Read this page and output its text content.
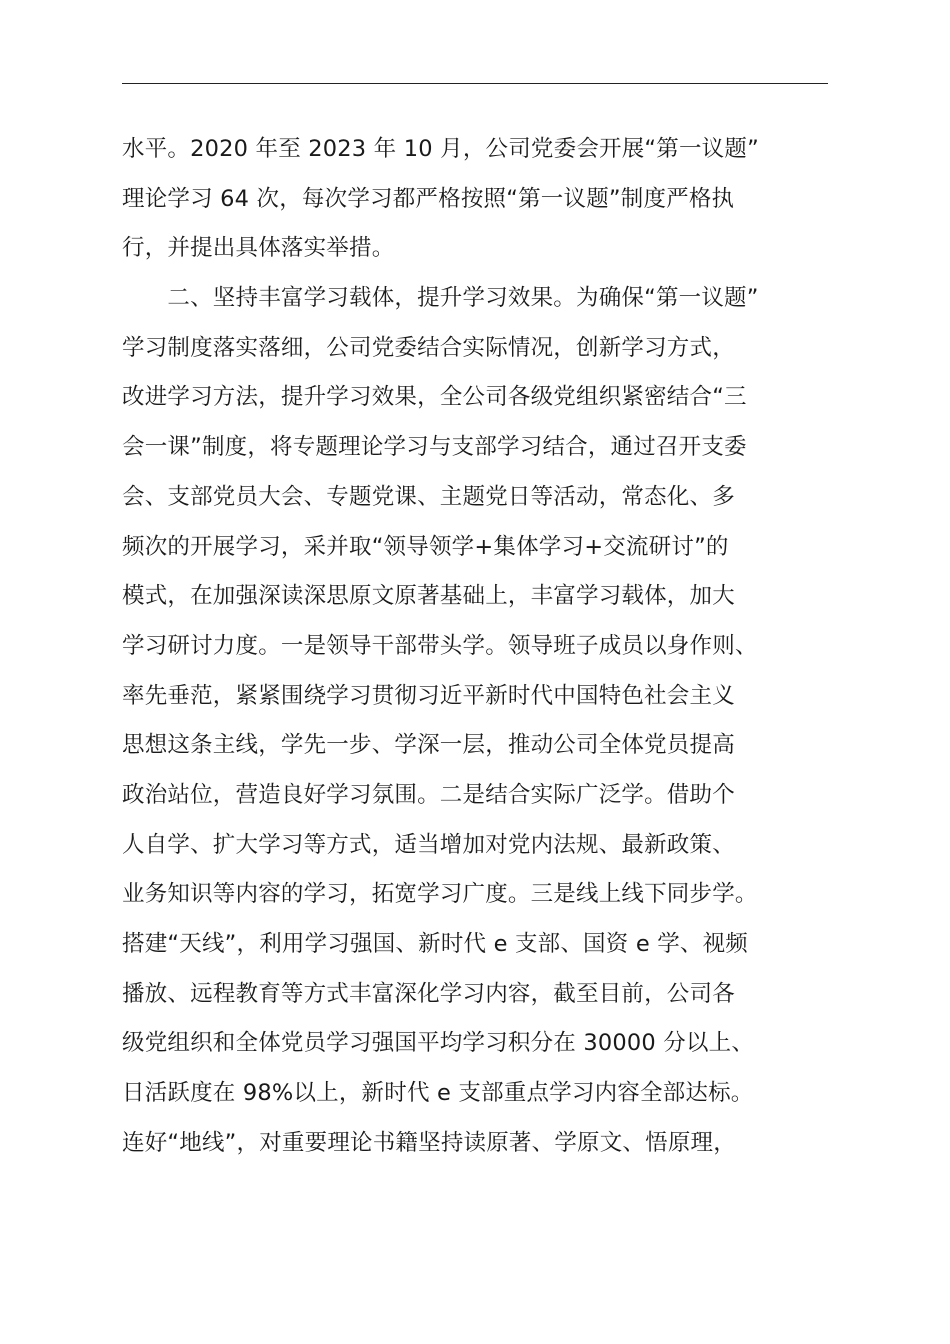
水平。2020 年至 2023 年 10 月，公司党委会开展“第一议题”
理论学习 64 次，每次学习都严格按照“第一议题”制度严格执
行，并提出具体落实举措。
　　二、坚持丰富学习载体，提升学习效果。为确保“第一议题”
学习制度落实落细，公司党委结合实际情况，创新学习方式，
改进学习方法，提升学习效果，全公司各级党组织紧密结合“三
会一课”制度，将专题理论学习与支部学习结合，通过召开支委
会、支部党员大会、专题党课、主题党日等活动，常态化、多
频次的开展学习，采并取“领导领学+集体学习+交流研讨”的
模式，在加强深读深思原文原著基础上，丰富学习载体，加大
学习研讨力度。一是领导干部带头学。领导班子成员以身作则、
率先垂范，紧紧围绕学习贯彻习近平新时代中国特色社会主义
思想这条主线，学先一步、学深一层，推动公司全体党员提高
政治站位，营造良好学习氛围。二是结合实际广泛学。借助个
人自学、扩大学习等方式，适当增加对党内法规、最新政策、
业务知识等内容的学习，拓宽学习广度。三是线上线下同步学。
搭建“天线”，利用学习强国、新时代 e 支部、国资 e 学、视频
播放、远程教育等方式丰富深化学习内容，截至目前，公司各
级党组织和全体党员学习强国平均学习积分在 30000 分以上、
日活跃度在 98%以上，新时代 e 支部重点学习内容全部达标。
连好“地线”，对重要理论书籍坚持读原著、学原文、悟原理，
